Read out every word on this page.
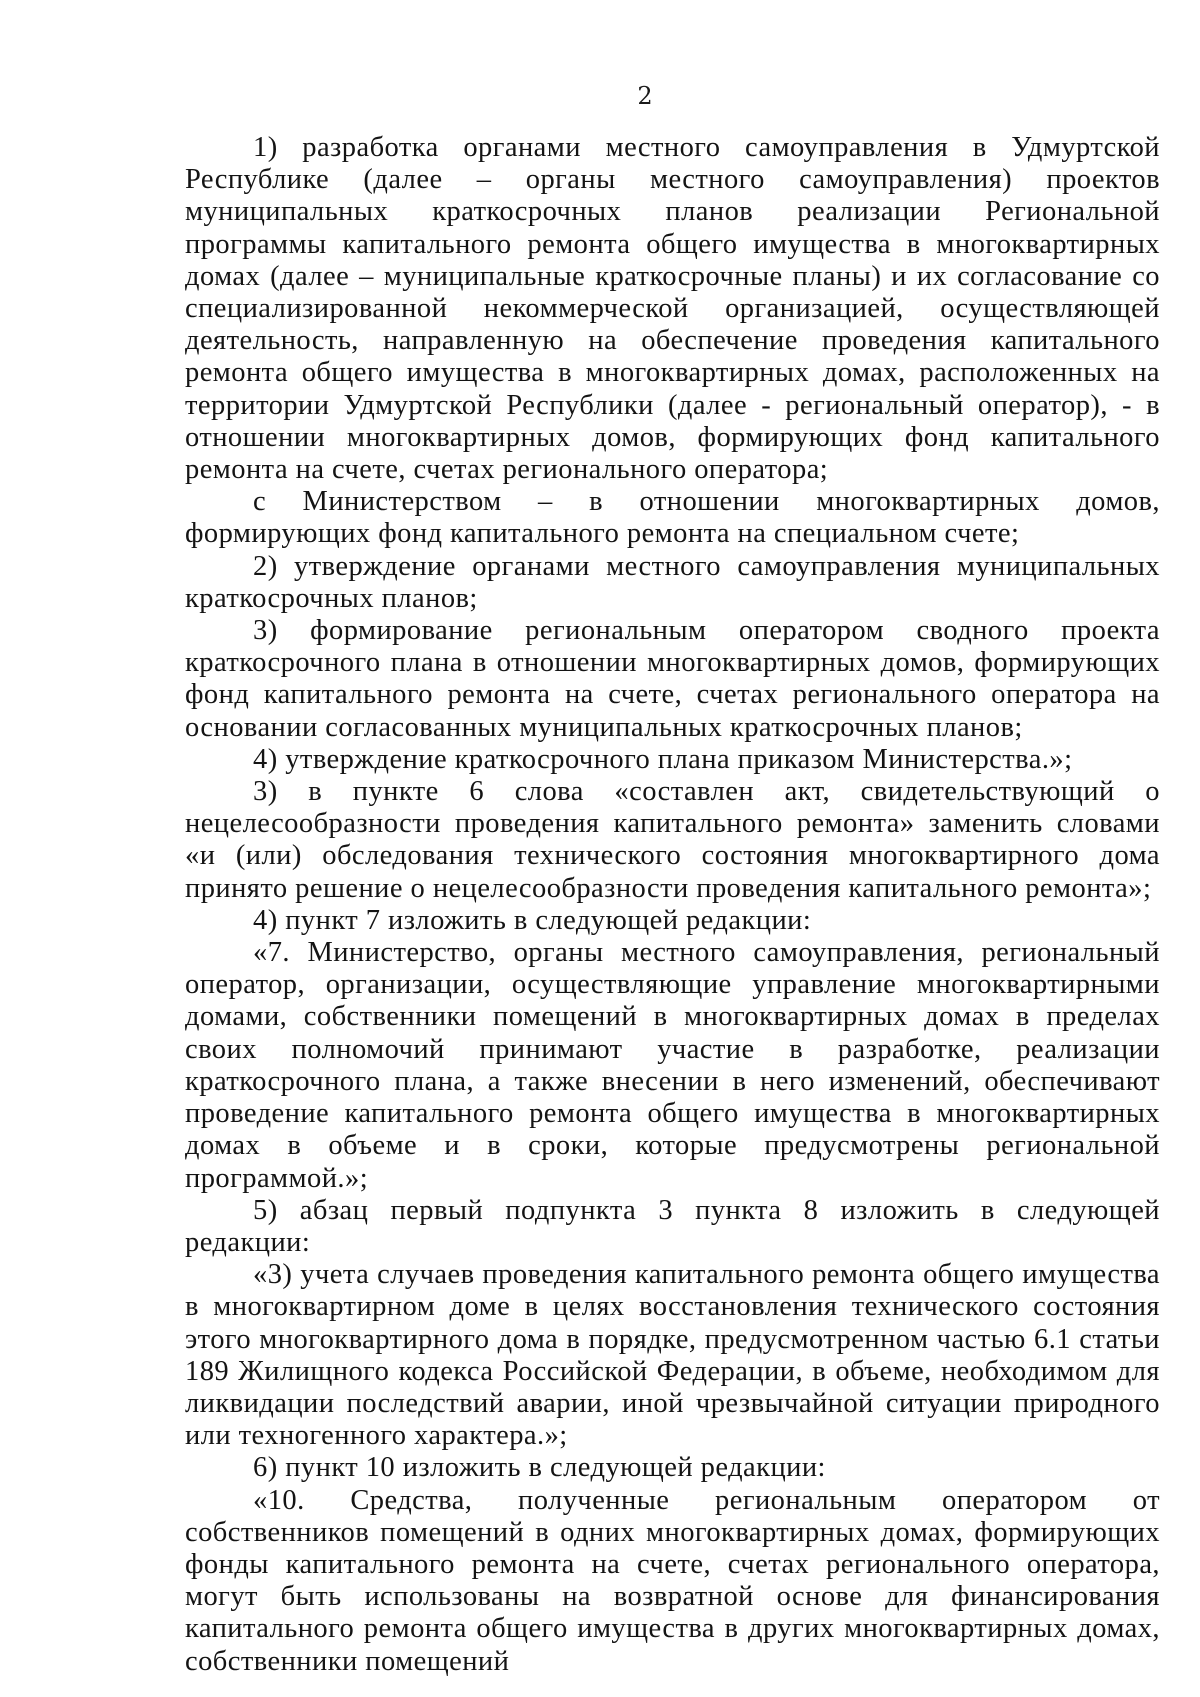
2

1) разработка органами местного самоуправления в Удмуртской Республике (далее – органы местного самоуправления) проектов муниципальных краткосрочных планов реализации Региональной программы капитального ремонта общего имущества в многоквартирных домах (далее – муниципальные краткосрочные планы) и их согласование со специализированной некоммерческой организацией, осуществляющей деятельность, направленную на обеспечение проведения капитального ремонта общего имущества в многоквартирных домах, расположенных на территории Удмуртской Республики (далее - региональный оператор), - в отношении многоквартирных домов, формирующих фонд капитального ремонта на счете, счетах регионального оператора;

с Министерством – в отношении многоквартирных домов, формирующих фонд капитального ремонта на специальном счете;

2) утверждение органами местного самоуправления муниципальных краткосрочных планов;

3) формирование региональным оператором сводного проекта краткосрочного плана в отношении многоквартирных домов, формирующих фонд капитального ремонта на счете, счетах регионального оператора на основании согласованных муниципальных краткосрочных планов;

4) утверждение краткосрочного плана приказом Министерства.»;

3) в пункте 6 слова «составлен акт, свидетельствующий о нецелесообразности проведения капитального ремонта» заменить словами «и (или) обследования технического состояния многоквартирного дома принято решение о нецелесообразности проведения капитального ремонта»;

4) пункт 7 изложить в следующей редакции:

«7. Министерство, органы местного самоуправления, региональный оператор, организации, осуществляющие управление многоквартирными домами, собственники помещений в многоквартирных домах в пределах своих полномочий принимают участие в разработке, реализации краткосрочного плана, а также внесении в него изменений, обеспечивают проведение капитального ремонта общего имущества в многоквартирных домах в объеме и в сроки, которые предусмотрены региональной программой.»;

5) абзац первый подпункта 3 пункта 8 изложить в следующей редакции:

«3) учета случаев проведения капитального ремонта общего имущества в многоквартирном доме в целях восстановления технического состояния этого многоквартирного дома в порядке, предусмотренном частью 6.1 статьи 189 Жилищного кодекса Российской Федерации, в объеме, необходимом для ликвидации последствий аварии, иной чрезвычайной ситуации природного или техногенного характера.»;

6) пункт 10 изложить в следующей редакции:

«10. Средства, полученные региональным оператором от собственников помещений в одних многоквартирных домах, формирующих фонды капитального ремонта на счете, счетах регионального оператора, могут быть использованы на возвратной основе для финансирования капитального ремонта общего имущества в других многоквартирных домах, собственники помещений
